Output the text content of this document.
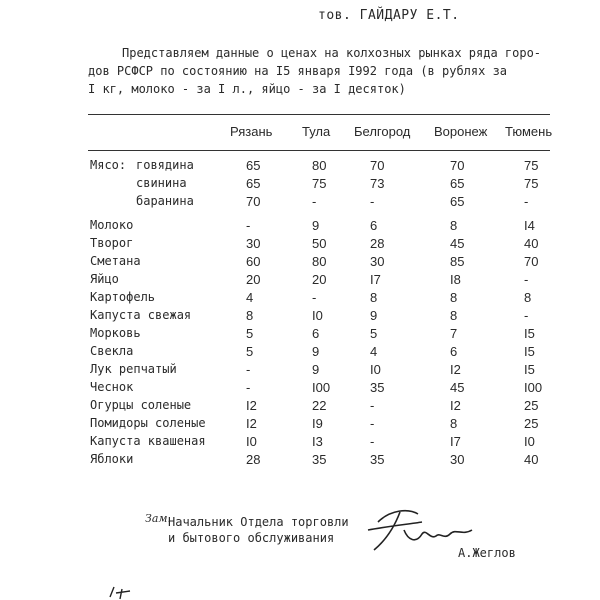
тов. ГАЙДАРУ Е.Т.
Представляем данные о ценах на колхозных рынках ряда горо-
дов РСФСР по состоянию на I5 января I992 года (в рублях за
I кг, молоко - за I л., яйцо - за I десяток)
Рязань Тула Белгород Воронеж Тюмень
Мясо: говядина	65	80	70	70	75
свинина	65	75	73	65	75
баранина	70	-	-	65	-
Молоко	-	9	6	8	I4
Творог	30	50	28	45	40
Сметана	60	80	30	85	70
Яйцо	20	20	I7	I8	-
Картофель	4	-	8	8	8
Капуста свежая	8	I0	9	8	-
Морковь	5	6	5	7	I5
Свекла	5	9	4	6	I5
Лук репчатый	-	9	I0	I2	I5
Чеснок	-	I00	35	45	I00
Огурцы соленые	I2	22	-	I2	25
Помидоры соленые	I2	I9	-	8	25
Капуста квашеная	I0	I3	-	I7	I0
Яблоки	28	35	35	30	40
Зам.
Начальник Отдела торговли
и бытового обслуживания
А.Жеглов
